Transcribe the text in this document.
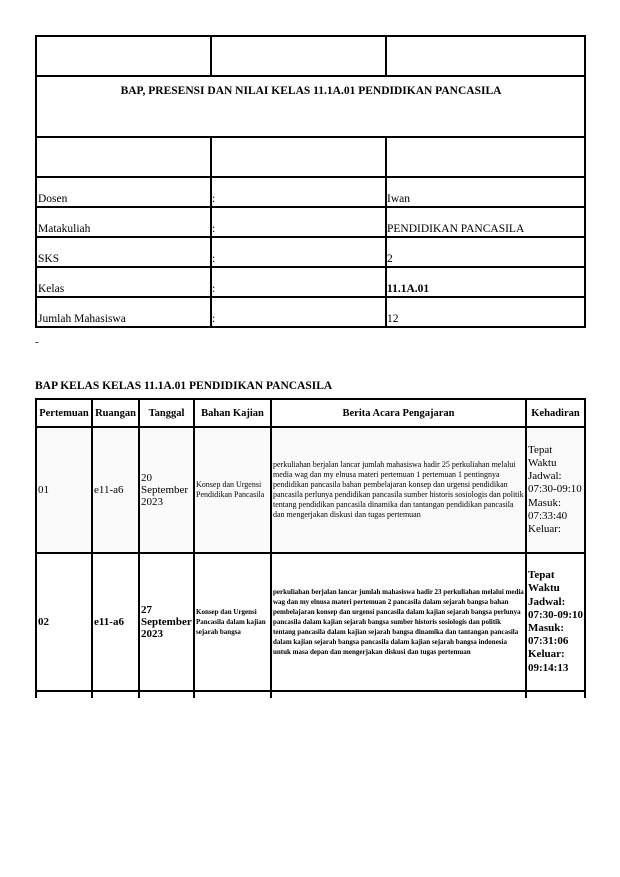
BAP, PRESENSI DAN NILAI KELAS 11.1A.01 PENDIDIKAN PANCASILA		

Dosen	:	Iwan
Matakuliah	:	PENDIDIKAN PANCASILA
SKS	:	2
Kelas	:	11.1A.01
Jumlah Mahasiswa	:	12
-
BAP KELAS KELAS 11.1A.01 PENDIDIKAN PANCASILA
Pertemuan	Ruangan	Tanggal	Bahan Kajian	Berita Acara Pengajaran	Kehadiran
01	e11-a6	20 September 2023	Konsep dan Urgensi Pendidikan Pancasila	perkuliahan berjalan lancar jumlah mahasiswa hadir 25 perkuliahan melalui media wag dan my elnusa materi pertemuan 1 pertemuan 1 pentingnya pendidikan pancasila bahan pembelajaran konsep dan urgensi pendidikan pancasila perlunya pendidikan pancasila sumber historis sosiologis dan politik tentang pendidikan pancasila dinamika dan tantangan pendidikan pancasila dan mengerjakan diskusi dan tugas pertemuan	Tepat Waktu Jadwal: 07:30-09:10 Masuk: 07:33:40 Keluar:
02	e11-a6	27 September 2023	Konsep dan Urgensi Pancasila dalam kajian sejarah bangsa	perkuliahan berjalan lancar jumlah mahasiswa hadir 23 perkuliahan melalui media wag dan my elnusa materi pertemuan 2 pancasila dalam sejarah bangsa bahan pembelajaran konsep dan urgensi pancasila dalam kajian sejarah bangsa perlunya pancasila dalam kajian sejarah bangsa sumber historis sosiologis dan politik tentang pancasila dalam kajian sejarah bangsa dinamika dan tantangan pancasila dalam kajian sejarah bangsa pancasila dalam kajian sejarah bangsa indonesia untuk masa depan dan mengerjakan diskusi dan tugas pertemuan	Tepat Waktu Jadwal: 07:30-09:10 Masuk: 07:31:06 Keluar: 09:14:13
